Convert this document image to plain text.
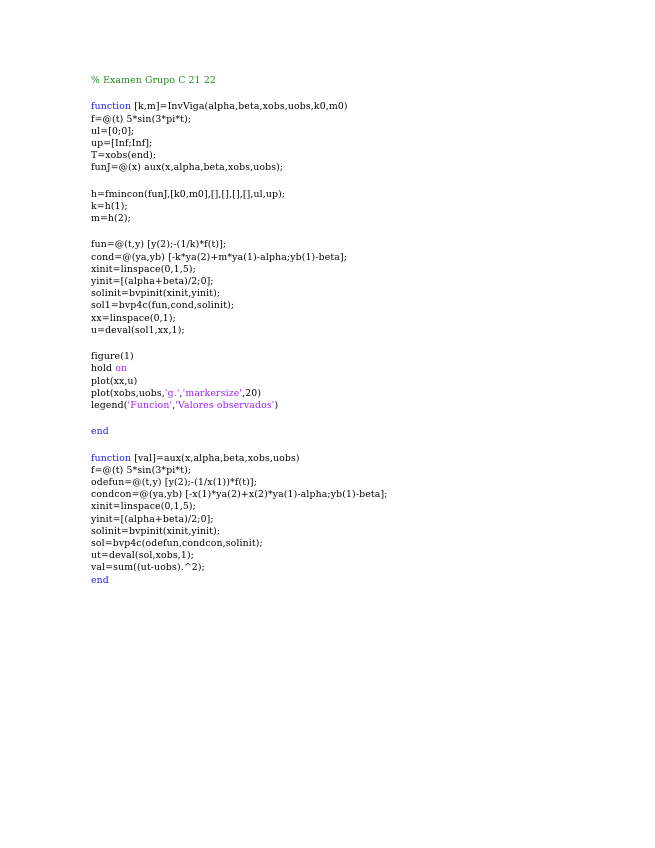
% Examen Grupo C 21 22
function [k,m]=InvViga(alpha,beta,xobs,uobs,k0,m0)
f=@(t) 5*sin(3*pi*t);
ul=[0;0];
up=[Inf;Inf];
T=xobs(end);
funJ=@(x) aux(x,alpha,beta,xobs,uobs);
h=fmincon(funJ,[k0,m0],[],[],[],[],ul,up);
k=h(1);
m=h(2);
fun=@(t,y) [y(2);-(1/k)*f(t)];
cond=@(ya,yb) [-k*ya(2)+m*ya(1)-alpha;yb(1)-beta];
xinit=linspace(0,1,5);
yinit=[(alpha+beta)/2;0];
solinit=bvpinit(xinit,yinit);
sol1=bvp4c(fun,cond,solinit);
xx=linspace(0,1);
u=deval(sol1,xx,1);
figure(1)
hold on
plot(xx,u)
plot(xobs,uobs,'g.','markersize',20)
legend('Funcion','Valores observados')
end
function [val]=aux(x,alpha,beta,xobs,uobs)
f=@(t) 5*sin(3*pi*t);
odefun=@(t,y) [y(2);-(1/x(1))*f(t)];
condcon=@(ya,yb) [-x(1)*ya(2)+x(2)*ya(1)-alpha;yb(1)-beta];
xinit=linspace(0,1,5);
yinit=[(alpha+beta)/2;0];
solinit=bvpinit(xinit,yinit);
sol=bvp4c(odefun,condcon,solinit);
ut=deval(sol,xobs,1);
val=sum((ut-uobs).^2);
end
